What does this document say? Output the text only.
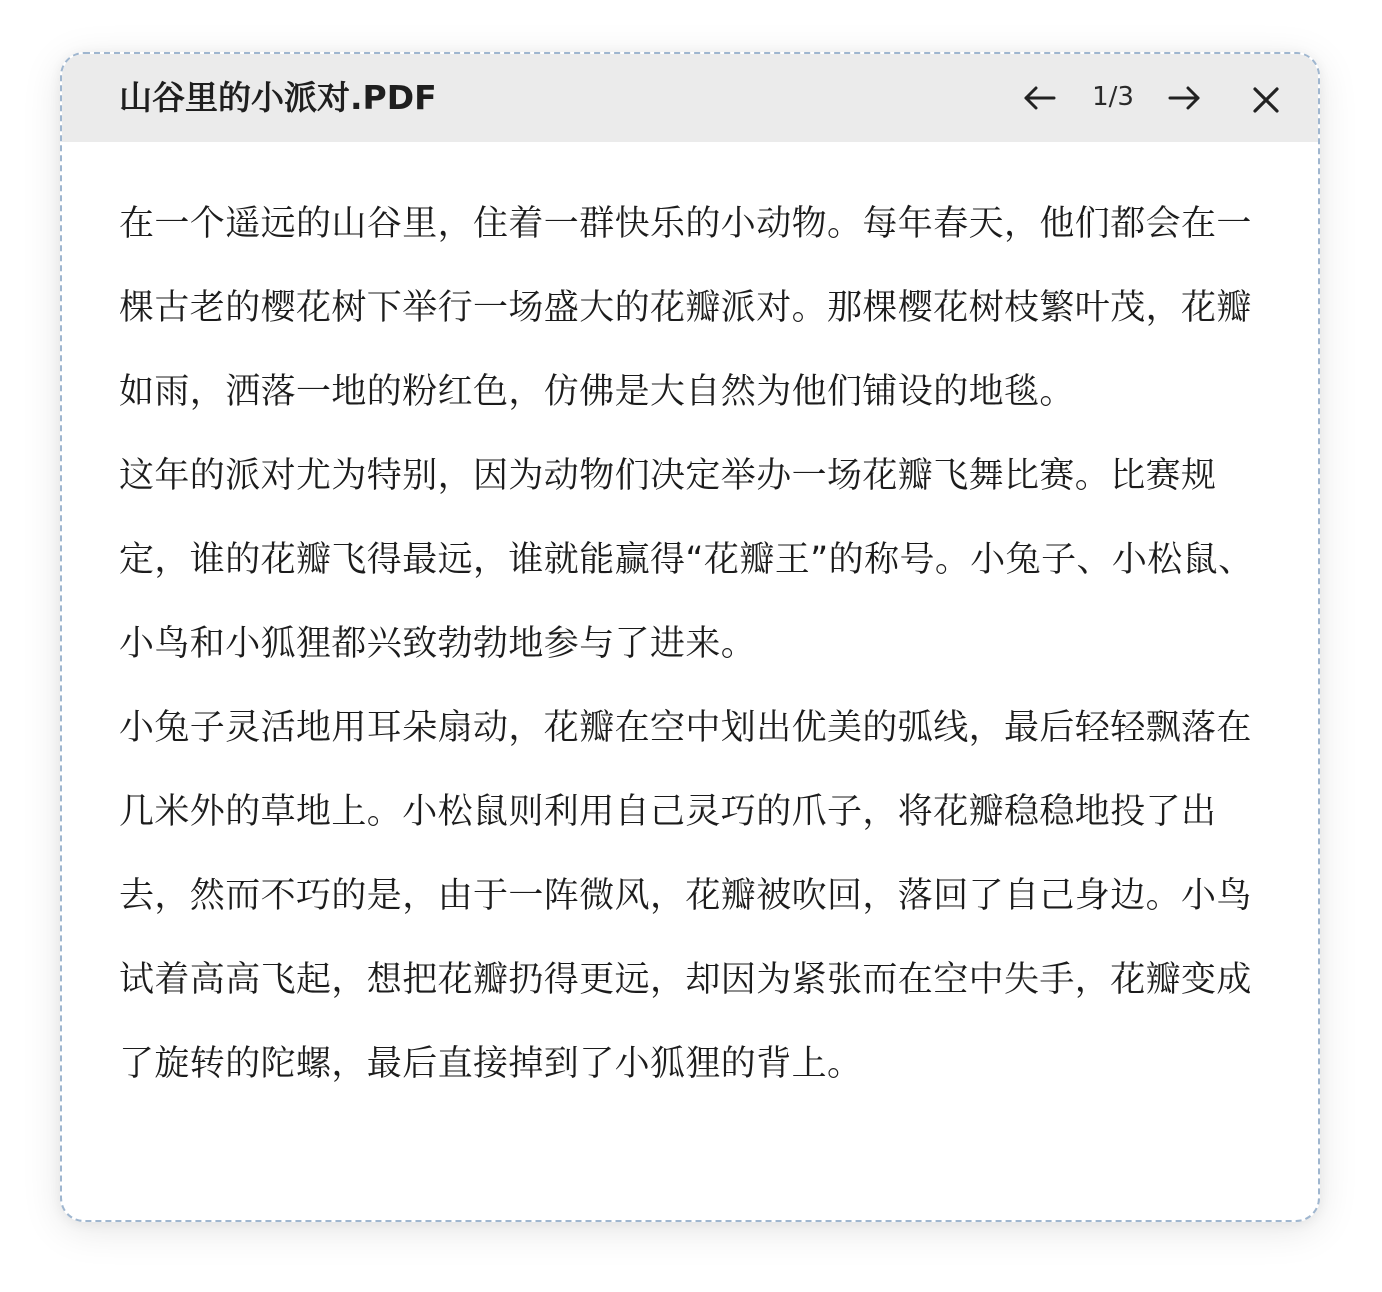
山谷里的小派对.PDF	1/3

在一个遥远的山谷里，住着一群快乐的小动物。每年春天，他们都会在一棵古老的樱花树下举行一场盛大的花瓣派对。那棵樱花树枝繁叶茂，花瓣如雨，洒落一地的粉红色，仿佛是大自然为他们铺设的地毯。

这年的派对尤为特别，因为动物们决定举办一场花瓣飞舞比赛。比赛规定，谁的花瓣飞得最远，谁就能赢得“花瓣王”的称号。小兔子、小松鼠、小鸟和小狐狸都兴致勃勃地参与了进来。

小兔子灵活地用耳朵扇动，花瓣在空中划出优美的弧线，最后轻轻飘落在几米外的草地上。小松鼠则利用自己灵巧的爪子，将花瓣稳稳地投了出去，然而不巧的是，由于一阵微风，花瓣被吹回，落回了自己身边。小鸟试着高高飞起，想把花瓣扔得更远，却因为紧张而在空中失手，花瓣变成了旋转的陀螺，最后直接掉到了小狐狸的背上。
